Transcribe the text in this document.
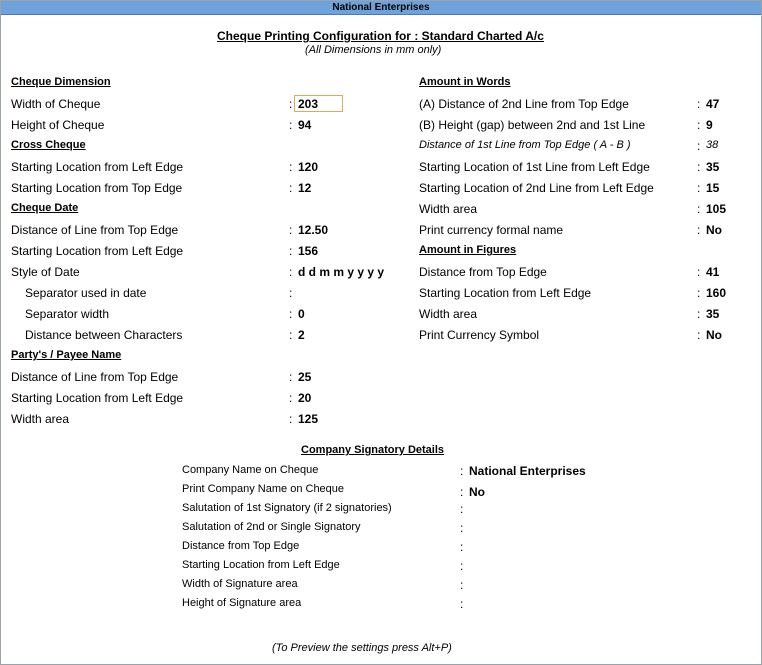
National Enterprises
Cheque Printing Configuration for : Standard Charted A/c
(All Dimensions in mm only)
Cheque Dimension
Width of Cheque	: 203
Height of Cheque	: 94
Cross Cheque
Starting Location from Left Edge	: 120
Starting Location from Top Edge	: 12
Cheque Date
Distance of Line from Top Edge	: 12.50
Starting Location from Left Edge	: 156
Style of Date	: d d m m y y y y
Separator used in date	:
Separator width	: 0
Distance between Characters	: 2
Party's / Payee Name
Distance of Line from Top Edge	: 25
Starting Location from Left Edge	: 20
Width area	: 125
Amount in Words
(A) Distance of 2nd Line from Top Edge	: 47
(B) Height (gap) between 2nd and 1st Line	: 9
Distance of 1st Line from Top Edge ( A - B )	: 38
Starting Location of 1st Line from Left Edge	: 35
Starting Location of 2nd Line from Left Edge	: 15
Width area	: 105
Print currency formal name	: No
Amount in Figures
Distance from Top Edge	: 41
Starting Location from Left Edge	: 160
Width area	: 35
Print Currency Symbol	: No
Company Signatory Details
Company Name on Cheque	: National Enterprises
Print Company Name on Cheque	: No
Salutation of 1st Signatory (if 2 signatories)	:
Salutation of 2nd or Single Signatory	:
Distance from Top Edge	:
Starting Location from Left Edge	:
Width of Signature area	:
Height of Signature area	:
(To Preview the settings press Alt+P)
